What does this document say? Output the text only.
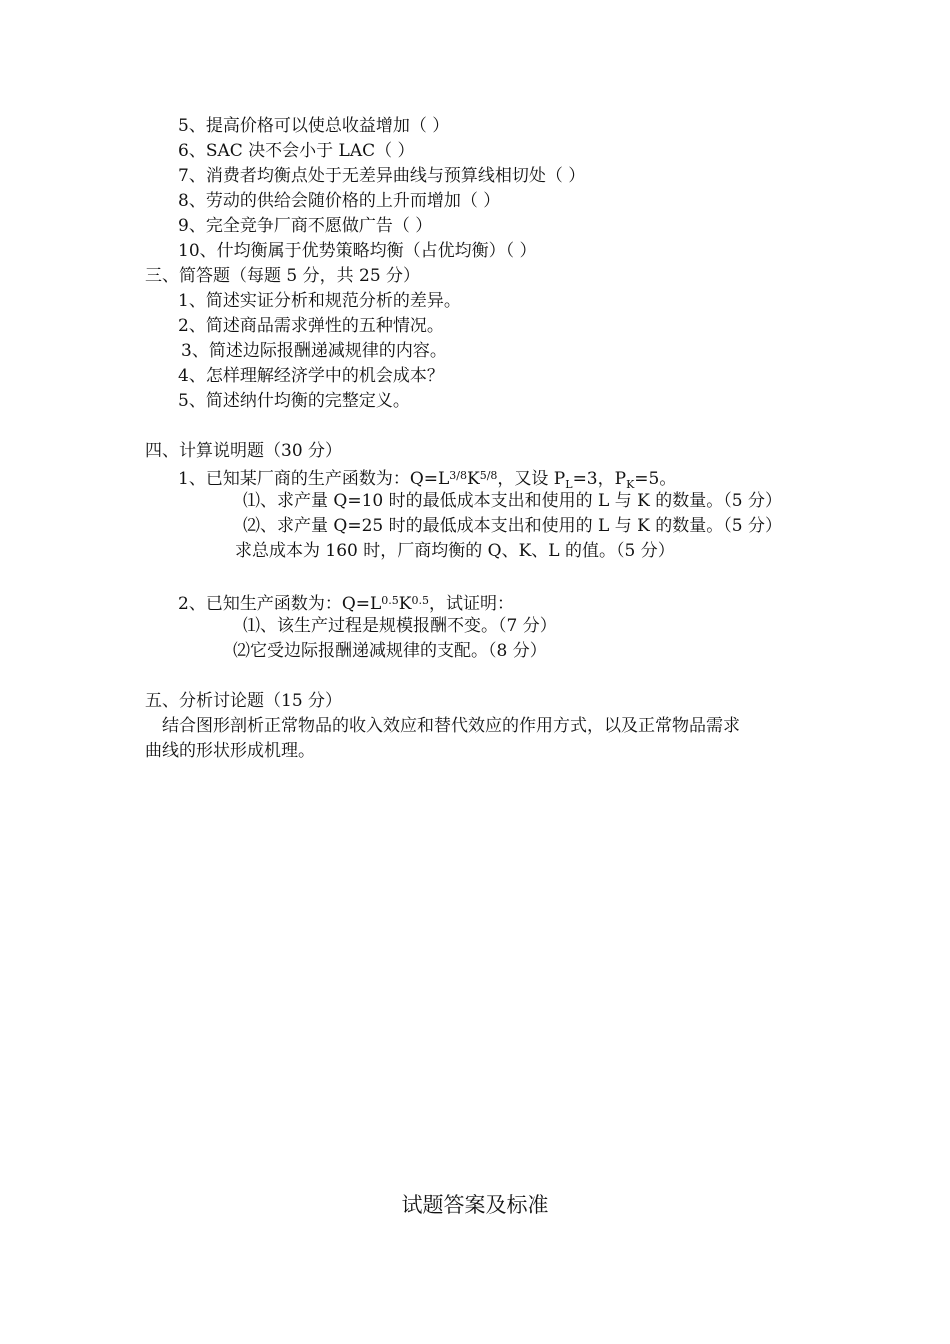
5、提高价格可以使总收益增加（ ）
6、SAC 决不会小于 LAC（ ）
7、消费者均衡点处于无差异曲线与预算线相切处（ ）
8、劳动的供给会随价格的上升而增加（ ）
9、完全竞争厂商不愿做广告（ ）
10、什均衡属于优势策略均衡（占优均衡）（ ）
三、简答题（每题 5 分，共 25 分）
1、简述实证分析和规范分析的差异。
2、简述商品需求弹性的五种情况。
3、简述边际报酬递减规律的内容。
4、怎样理解经济学中的机会成本？
5、简述纳什均衡的完整定义。
四、计算说明题（30 分）
1、已知某厂商的生产函数为：$Q=L^{3/8}K^{5/8}$，又设 $P_L=3$，$P_K=5$。
⑴、求产量 Q=10 时的最低成本支出和使用的 L 与 K 的数量。（5 分）
⑵、求产量 Q=25 时的最低成本支出和使用的 L 与 K 的数量。（5 分）
求总成本为 160 时，厂商均衡的 Q、K、L 的值。（5 分）
2、已知生产函数为：$Q=L^{0.5}K^{0.5}$，试证明：
⑴、该生产过程是规模报酬不变。（7 分）
⑵它受边际报酬递减规律的支配。（8 分）
五、分析讨论题（15 分）
结合图形剖析正常物品的收入效应和替代效应的作用方式，以及正常物品需求
曲线的形状形成机理。
试题答案及标准
